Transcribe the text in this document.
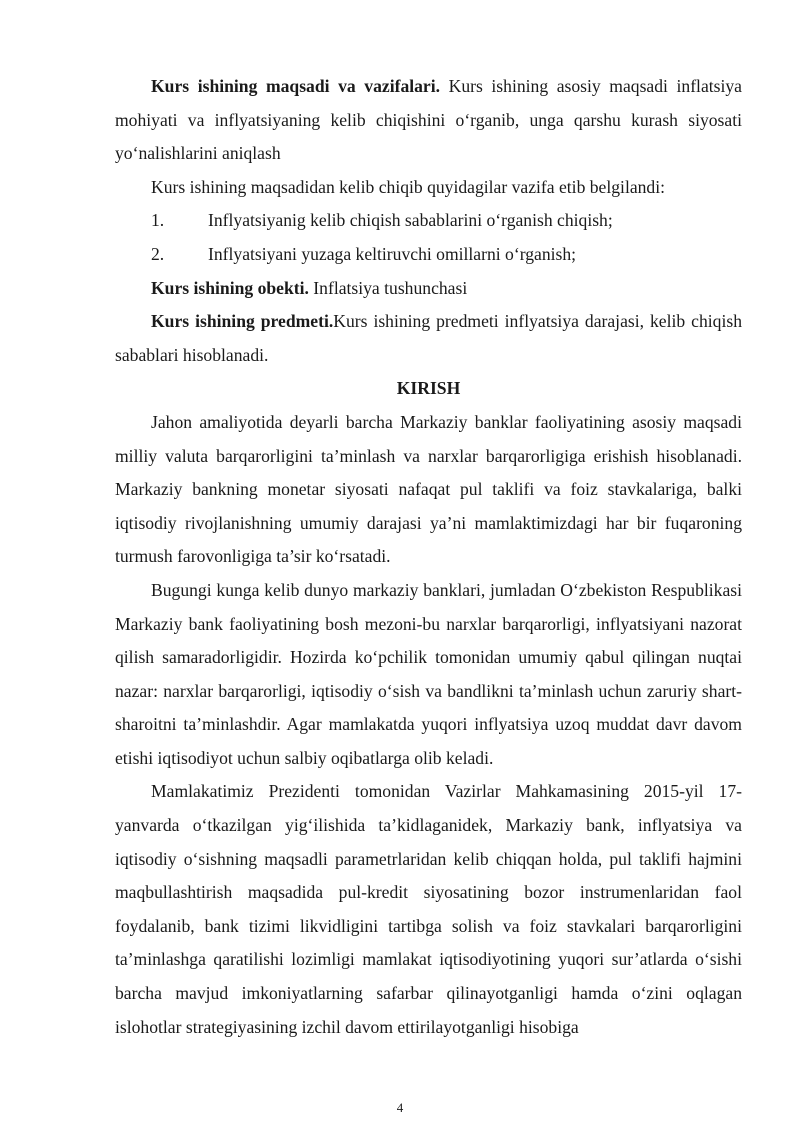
Kurs ishining maqsadi va vazifalari. Kurs ishining asosiy maqsadi inflatsiya mohiyati va inflyatsiyaning kelib chiqishini o‘rganib, unga qarshu kurash siyosati yo‘nalishlarini aniqlash

Kurs ishining maqsadidan kelib chiqib quyidagilar vazifa etib belgilandi:

1. Inflyatsiyanig kelib chiqish sabablarini o‘rganish chiqish;
2. Inflyatsiyani yuzaga keltiruvchi omillarni o‘rganish;

Kurs ishining obekti. Inflatsiya tushunchasi

Kurs ishining predmeti.Kurs ishining predmeti inflyatsiya darajasi, kelib chiqish sabablari hisoblanadi.

KIRISH

Jahon amaliyotida deyarli barcha Markaziy banklar faoliyatining asosiy maqsadi milliy valuta barqarorligini ta’minlash va narxlar barqarorligiga erishish hisoblanadi. Markaziy bankning monetar siyosati nafaqat pul taklifi va foiz stavkalariga, balki iqtisodiy rivojlanishning umumiy darajasi ya’ni mamlaktimizdagi har bir fuqaroning turmush farovonligiga ta’sir ko‘rsatadi.

Bugungi kunga kelib dunyo markaziy banklari, jumladan O‘zbekiston Respublikasi Markaziy bank faoliyatining bosh mezoni-bu narxlar barqarorligi, inflyatsiyani nazorat qilish samaradorligidir. Hozirda ko‘pchilik tomonidan umumiy qabul qilingan nuqtai nazar: narxlar barqarorligi, iqtisodiy o‘sish va bandlikni ta’minlash uchun zaruriy shart-sharoitni ta’minlashdir. Agar mamlakatda yuqori inflyatsiya uzoq muddat davr davom etishi iqtisodiyot uchun salbiy oqibatlarga olib keladi.

Mamlakatimiz Prezidenti tomonidan Vazirlar Mahkamasining 2015-yil 17-yanvarda o‘tkazilgan yig‘ilishida ta’kidlaganidek, Markaziy bank, inflyatsiya va iqtisodiy o‘sishning maqsadli parametrlaridan kelib chiqqan holda, pul taklifi hajmini maqbullashtirish maqsadida pul-kredit siyosatining bozor instrumenlaridan faol foydalanib, bank tizimi likvidligini tartibga solish va foiz stavkalari barqarorligini ta’minlashga qaratilishi lozimligi mamlakat iqtisodiyotining yuqori sur’atlarda o‘sishi barcha mavjud imkoniyatlarning safarbar qilinayotganligi hamda o‘zini oqlagan islohotlar strategiyasining izchil davom ettirilayotganligi hisobiga

4
